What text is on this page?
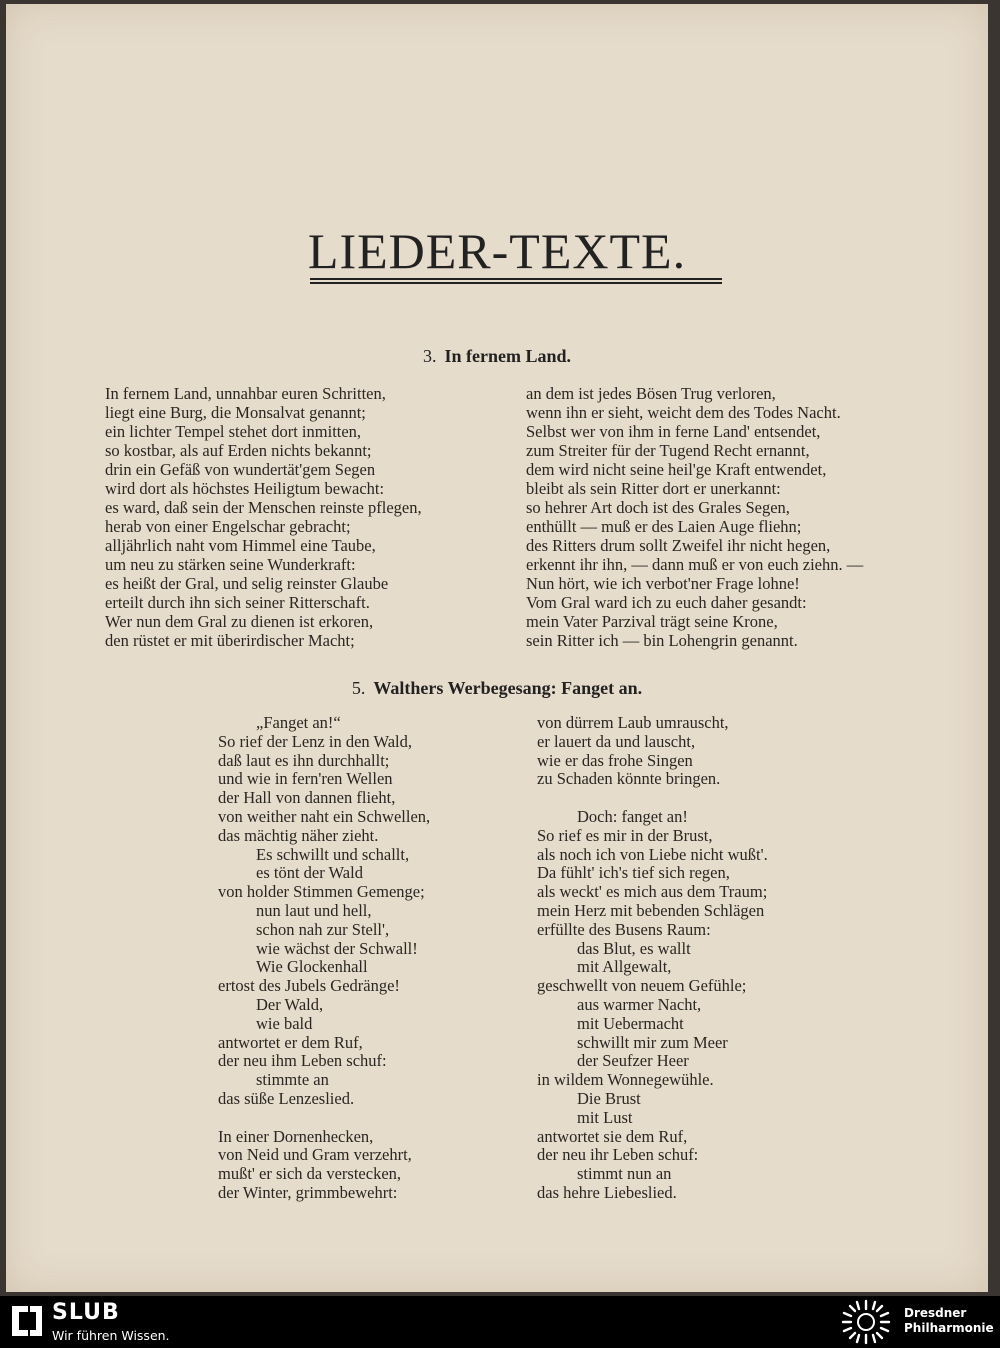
LIEDER-TEXTE.
3. In fernem Land.
In fernem Land, unnahbar euren Schritten,
liegt eine Burg, die Monsalvat genannt;
ein lichter Tempel stehet dort inmitten,
so kostbar, als auf Erden nichts bekannt;
drin ein Gefäß von wundertät'gem Segen
wird dort als höchstes Heiligtum bewacht:
es ward, daß sein der Menschen reinste pflegen,
herab von einer Engelschar gebracht;
alljährlich naht vom Himmel eine Taube,
um neu zu stärken seine Wunderkraft:
es heißt der Gral, und selig reinster Glaube
erteilt durch ihn sich seiner Ritterschaft.
Wer nun dem Gral zu dienen ist erkoren,
den rüstet er mit überirdischer Macht;
an dem ist jedes Bösen Trug verloren,
wenn ihn er sieht, weicht dem des Todes Nacht.
Selbst wer von ihm in ferne Land' entsendet,
zum Streiter für der Tugend Recht ernannt,
dem wird nicht seine heil'ge Kraft entwendet,
bleibt als sein Ritter dort er unerkannt:
so hehrer Art doch ist des Grales Segen,
enthüllt — muß er des Laien Auge fliehn;
des Ritters drum sollt Zweifel ihr nicht hegen,
erkennt ihr ihn, — dann muß er von euch ziehn. —
Nun hört, wie ich verbot'ner Frage lohne!
Vom Gral ward ich zu euch daher gesandt:
mein Vater Parzival trägt seine Krone,
sein Ritter ich — bin Lohengrin genannt.
5. Walthers Werbegesang: Fanget an.
„Fanget an!“
So rief der Lenz in den Wald,
daß laut es ihn durchhallt;
und wie in fern'ren Wellen
der Hall von dannen flieht,
von weither naht ein Schwellen,
das mächtig näher zieht.
Es schwillt und schallt,
es tönt der Wald
von holder Stimmen Gemenge;
nun laut und hell,
schon nah zur Stell',
wie wächst der Schwall!
Wie Glockenhall
ertost des Jubels Gedränge!
Der Wald,
wie bald
antwortet er dem Ruf,
der neu ihm Leben schuf:
stimmte an
das süße Lenzeslied.
In einer Dornenhecken,
von Neid und Gram verzehrt,
mußt' er sich da verstecken,
der Winter, grimmbewehrt:
von dürrem Laub umrauscht,
er lauert da und lauscht,
wie er das frohe Singen
zu Schaden könnte bringen.
Doch: fanget an!
So rief es mir in der Brust,
als noch ich von Liebe nicht wußt'.
Da fühlt' ich's tief sich regen,
als weckt' es mich aus dem Traum;
mein Herz mit bebenden Schlägen
erfüllte des Busens Raum:
das Blut, es wallt
mit Allgewalt,
geschwellt von neuem Gefühle;
aus warmer Nacht,
mit Uebermacht
schwillt mir zum Meer
der Seufzer Heer
in wildem Wonnegewühle.
Die Brust
mit Lust
antwortet sie dem Ruf,
der neu ihr Leben schuf:
stimmt nun an
das hehre Liebeslied.
SLUB
Wir führen Wissen.
Dresdner
Philharmonie
